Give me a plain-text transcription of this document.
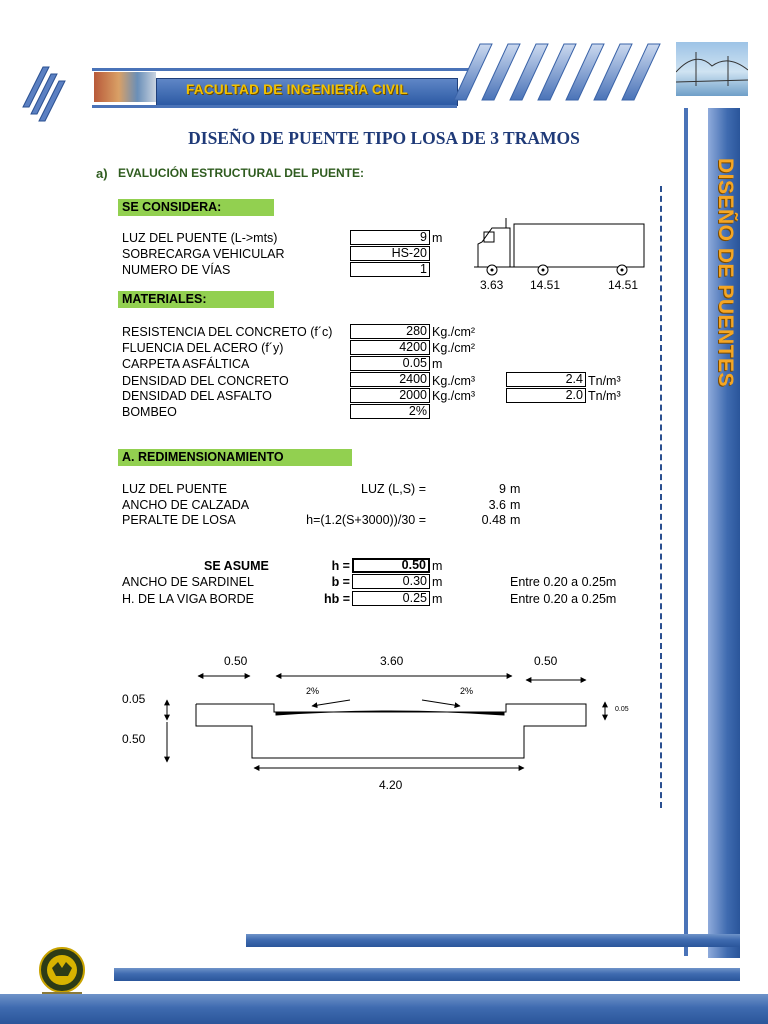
FACULTAD DE INGENIERÍA CIVIL
DISEÑO DE PUENTES
DISEÑO DE PUENTE TIPO LOSA DE 3 TRAMOS
a) EVALUCIÓN ESTRUCTURAL DEL PUENTE:
SE CONSIDERA:
LUZ DEL PUENTE (L->mts)	9 m
SOBRECARGA VEHICULAR	HS-20
NUMERO DE VÍAS	1
3.63 14.51	14.51
MATERIALES:
RESISTENCIA DEL CONCRETO (f´c)	280 Kg./cm²
FLUENCIA DEL ACERO (f´y)	4200 Kg./cm²
CARPETA ASFÁLTICA	0.05 m
DENSIDAD DEL CONCRETO	2400 Kg./cm³	2.4 Tn/m³
DENSIDAD DEL ASFALTO	2000 Kg./cm³	2.0 Tn/m³
BOMBEO	2%
A. REDIMENSIONAMIENTO
LUZ DEL PUENTE	LUZ (L,S) =	9 m
ANCHO DE CALZADA	3.6 m
PERALTE DE LOSA	h=(1.2(S+3000))/30 =	0.48 m
SE ASUME	h =	0.50 m
ANCHO DE SARDINEL	b =	0.30 m	Entre 0.20 a 0.25m
H. DE LA VIGA BORDE	hb =	0.25 m	Entre 0.20 a 0.25m
0.50	3.60	0.50
2%	2%
0.05
0.50
0.05
4.20
